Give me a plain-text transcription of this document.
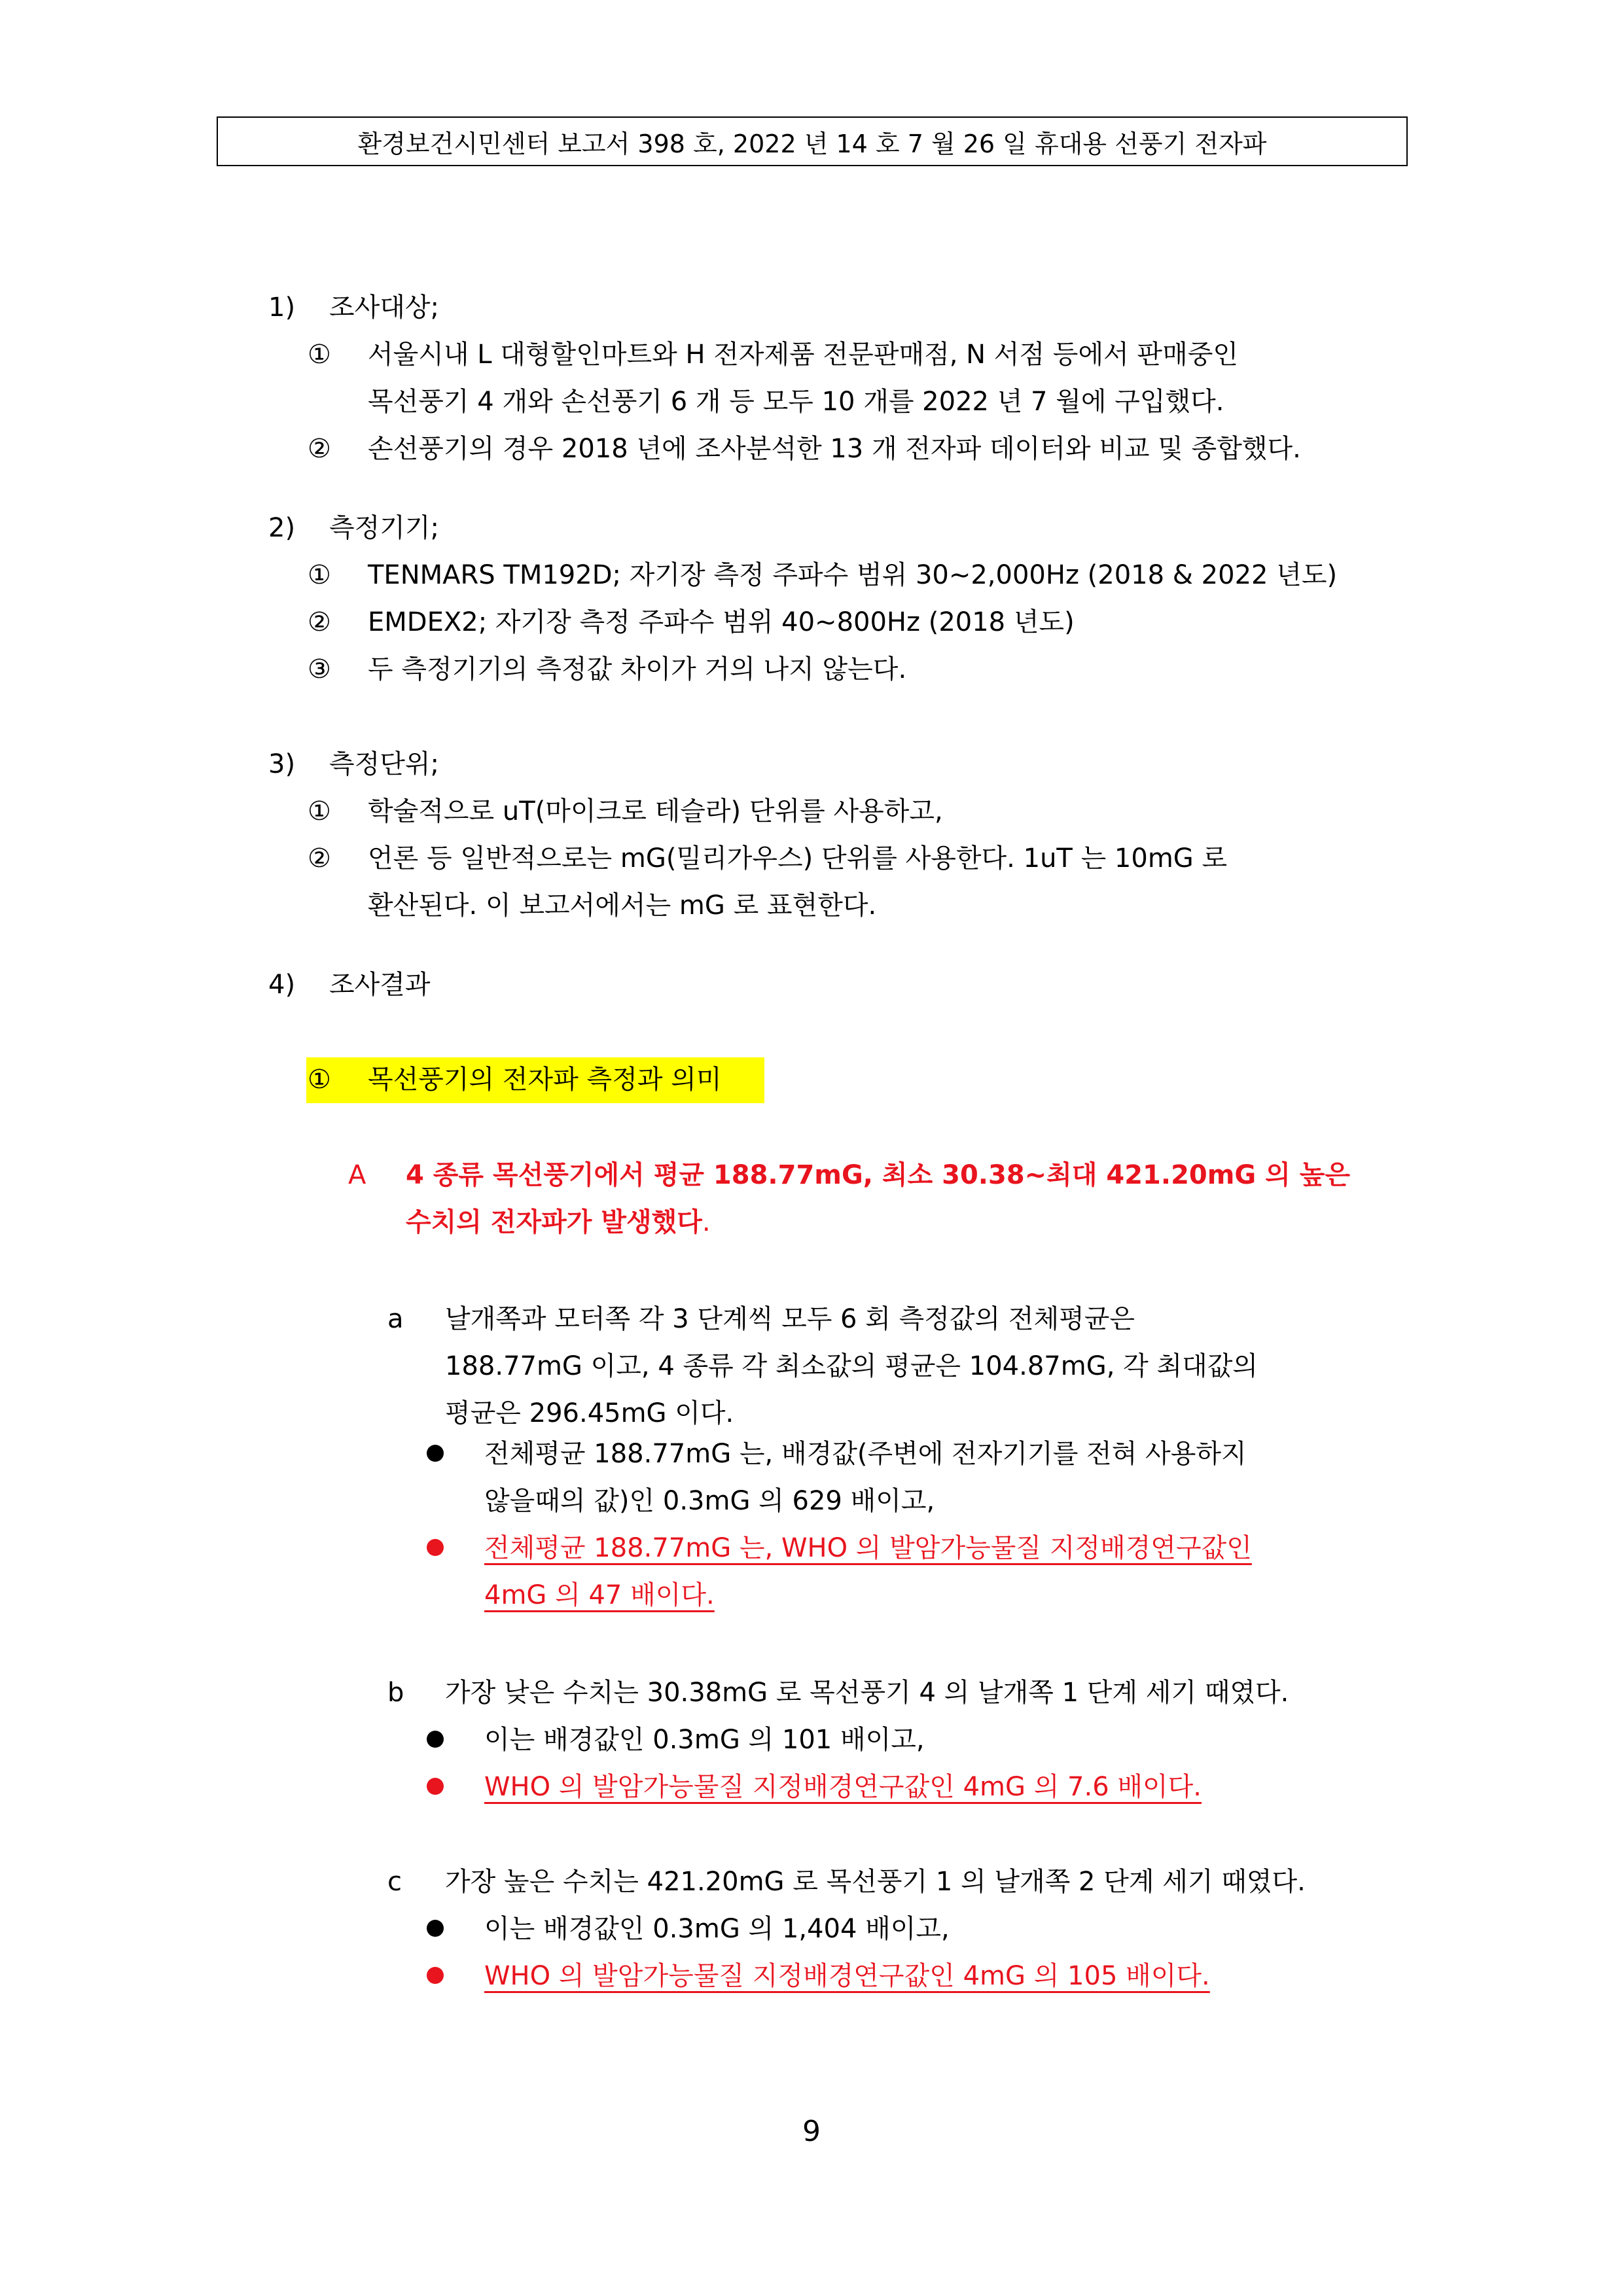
환경보건시민센터 보고서 398 호, 2022 년 14 호 7 월 26 일 휴대용 선풍기 전자파
1) 조사대상;
① 서울시내 L 대형할인마트와 H 전자제품 전문판매점, N 서점 등에서 판매중인
목선풍기 4 개와 손선풍기 6 개 등 모두 10 개를 2022 년 7 월에 구입했다.
② 손선풍기의 경우 2018 년에 조사분석한 13 개 전자파 데이터와 비교 및 종합했다.
2) 측정기기;
① TENMARS TM192D; 자기장 측정 주파수 범위 30~2,000Hz (2018 & 2022 년도)
② EMDEX2; 자기장 측정 주파수 범위 40~800Hz (2018 년도)
③ 두 측정기기의 측정값 차이가 거의 나지 않는다.
3) 측정단위;
① 학술적으로 uT(마이크로 테슬라) 단위를 사용하고,
② 언론 등 일반적으로는 mG(밀리가우스) 단위를 사용한다. 1uT 는 10mG 로
환산된다. 이 보고서에서는 mG 로 표현한다.
4) 조사결과
① 목선풍기의 전자파 측정과 의미
A 4 종류 목선풍기에서 평균 188.77mG, 최소 30.38~최대 421.20mG 의 높은
수치의 전자파가 발생했다.
a 날개쪽과 모터쪽 각 3 단계씩 모두 6 회 측정값의 전체평균은
188.77mG 이고, 4 종류 각 최소값의 평균은 104.87mG, 각 최대값의
평균은 296.45mG 이다.
전체평균 188.77mG 는, 배경값(주변에 전자기기를 전혀 사용하지
않을때의 값)인 0.3mG 의 629 배이고,
전체평균 188.77mG 는, WHO 의 발암가능물질 지정배경연구값인
4mG 의 47 배이다.
b 가장 낮은 수치는 30.38mG 로 목선풍기 4 의 날개쪽 1 단계 세기 때였다.
이는 배경값인 0.3mG 의 101 배이고,
WHO 의 발암가능물질 지정배경연구값인 4mG 의 7.6 배이다.
c 가장 높은 수치는 421.20mG 로 목선풍기 1 의 날개쪽 2 단계 세기 때였다.
이는 배경값인 0.3mG 의 1,404 배이고,
WHO 의 발암가능물질 지정배경연구값인 4mG 의 105 배이다.
9
